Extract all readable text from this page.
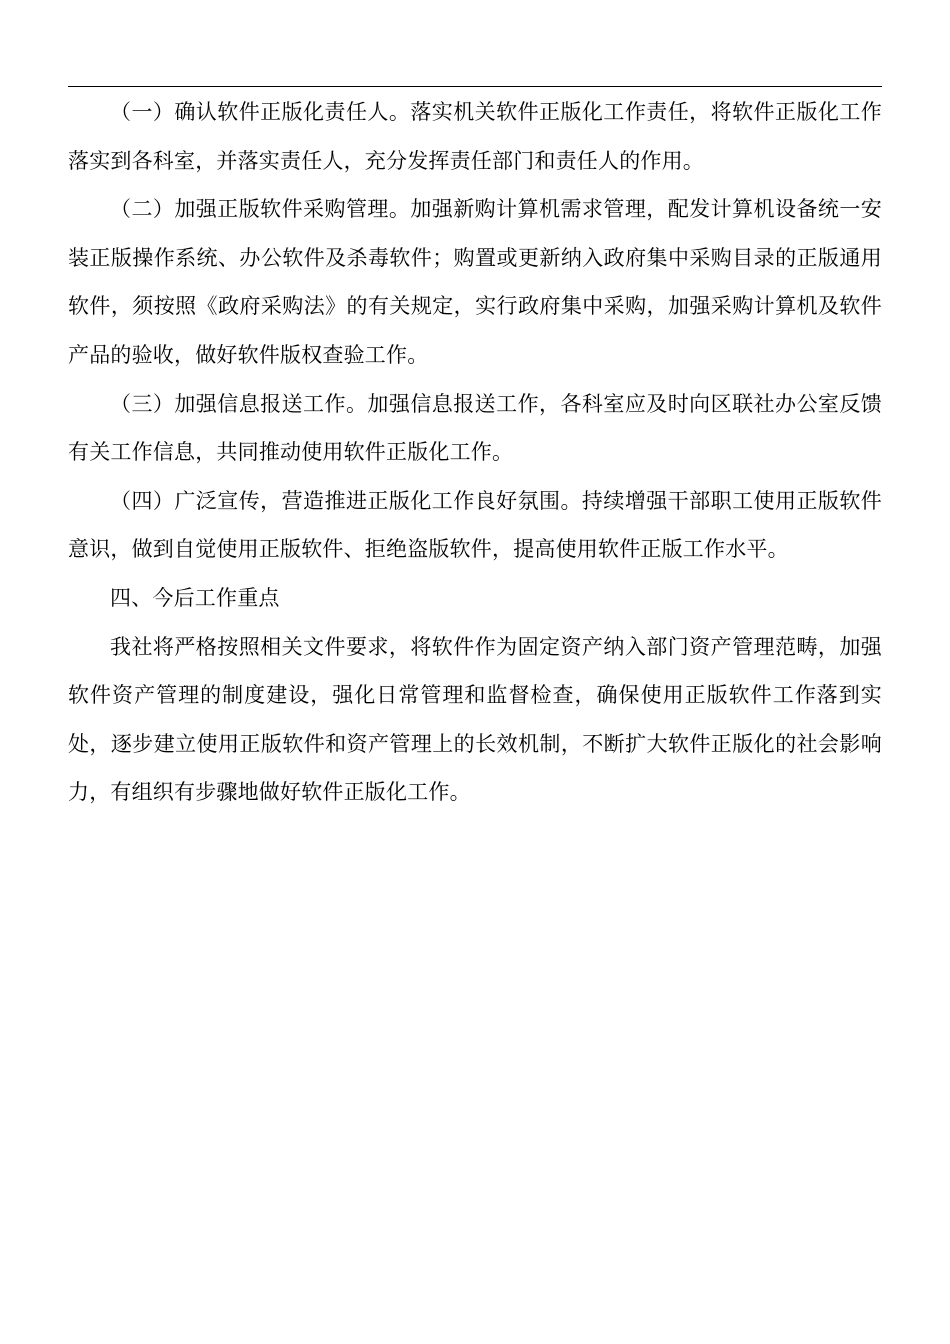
（一）确认软件正版化责任人。落实机关软件正版化工作责任，将软件正版化工作落实到各科室，并落实责任人，充分发挥责任部门和责任人的作用。

（二）加强正版软件采购管理。加强新购计算机需求管理，配发计算机设备统一安装正版操作系统、办公软件及杀毒软件；购置或更新纳入政府集中采购目录的正版通用软件，须按照《政府采购法》的有关规定，实行政府集中采购，加强采购计算机及软件产品的验收，做好软件版权查验工作。

（三）加强信息报送工作。加强信息报送工作，各科室应及时向区联社办公室反馈有关工作信息，共同推动使用软件正版化工作。

（四）广泛宣传，营造推进正版化工作良好氛围。持续增强干部职工使用正版软件意识，做到自觉使用正版软件、拒绝盗版软件，提高使用软件正版工作水平。

四、今后工作重点

我社将严格按照相关文件要求，将软件作为固定资产纳入部门资产管理范畴，加强软件资产管理的制度建设，强化日常管理和监督检查，确保使用正版软件工作落到实处，逐步建立使用正版软件和资产管理上的长效机制，不断扩大软件正版化的社会影响力，有组织有步骤地做好软件正版化工作。
